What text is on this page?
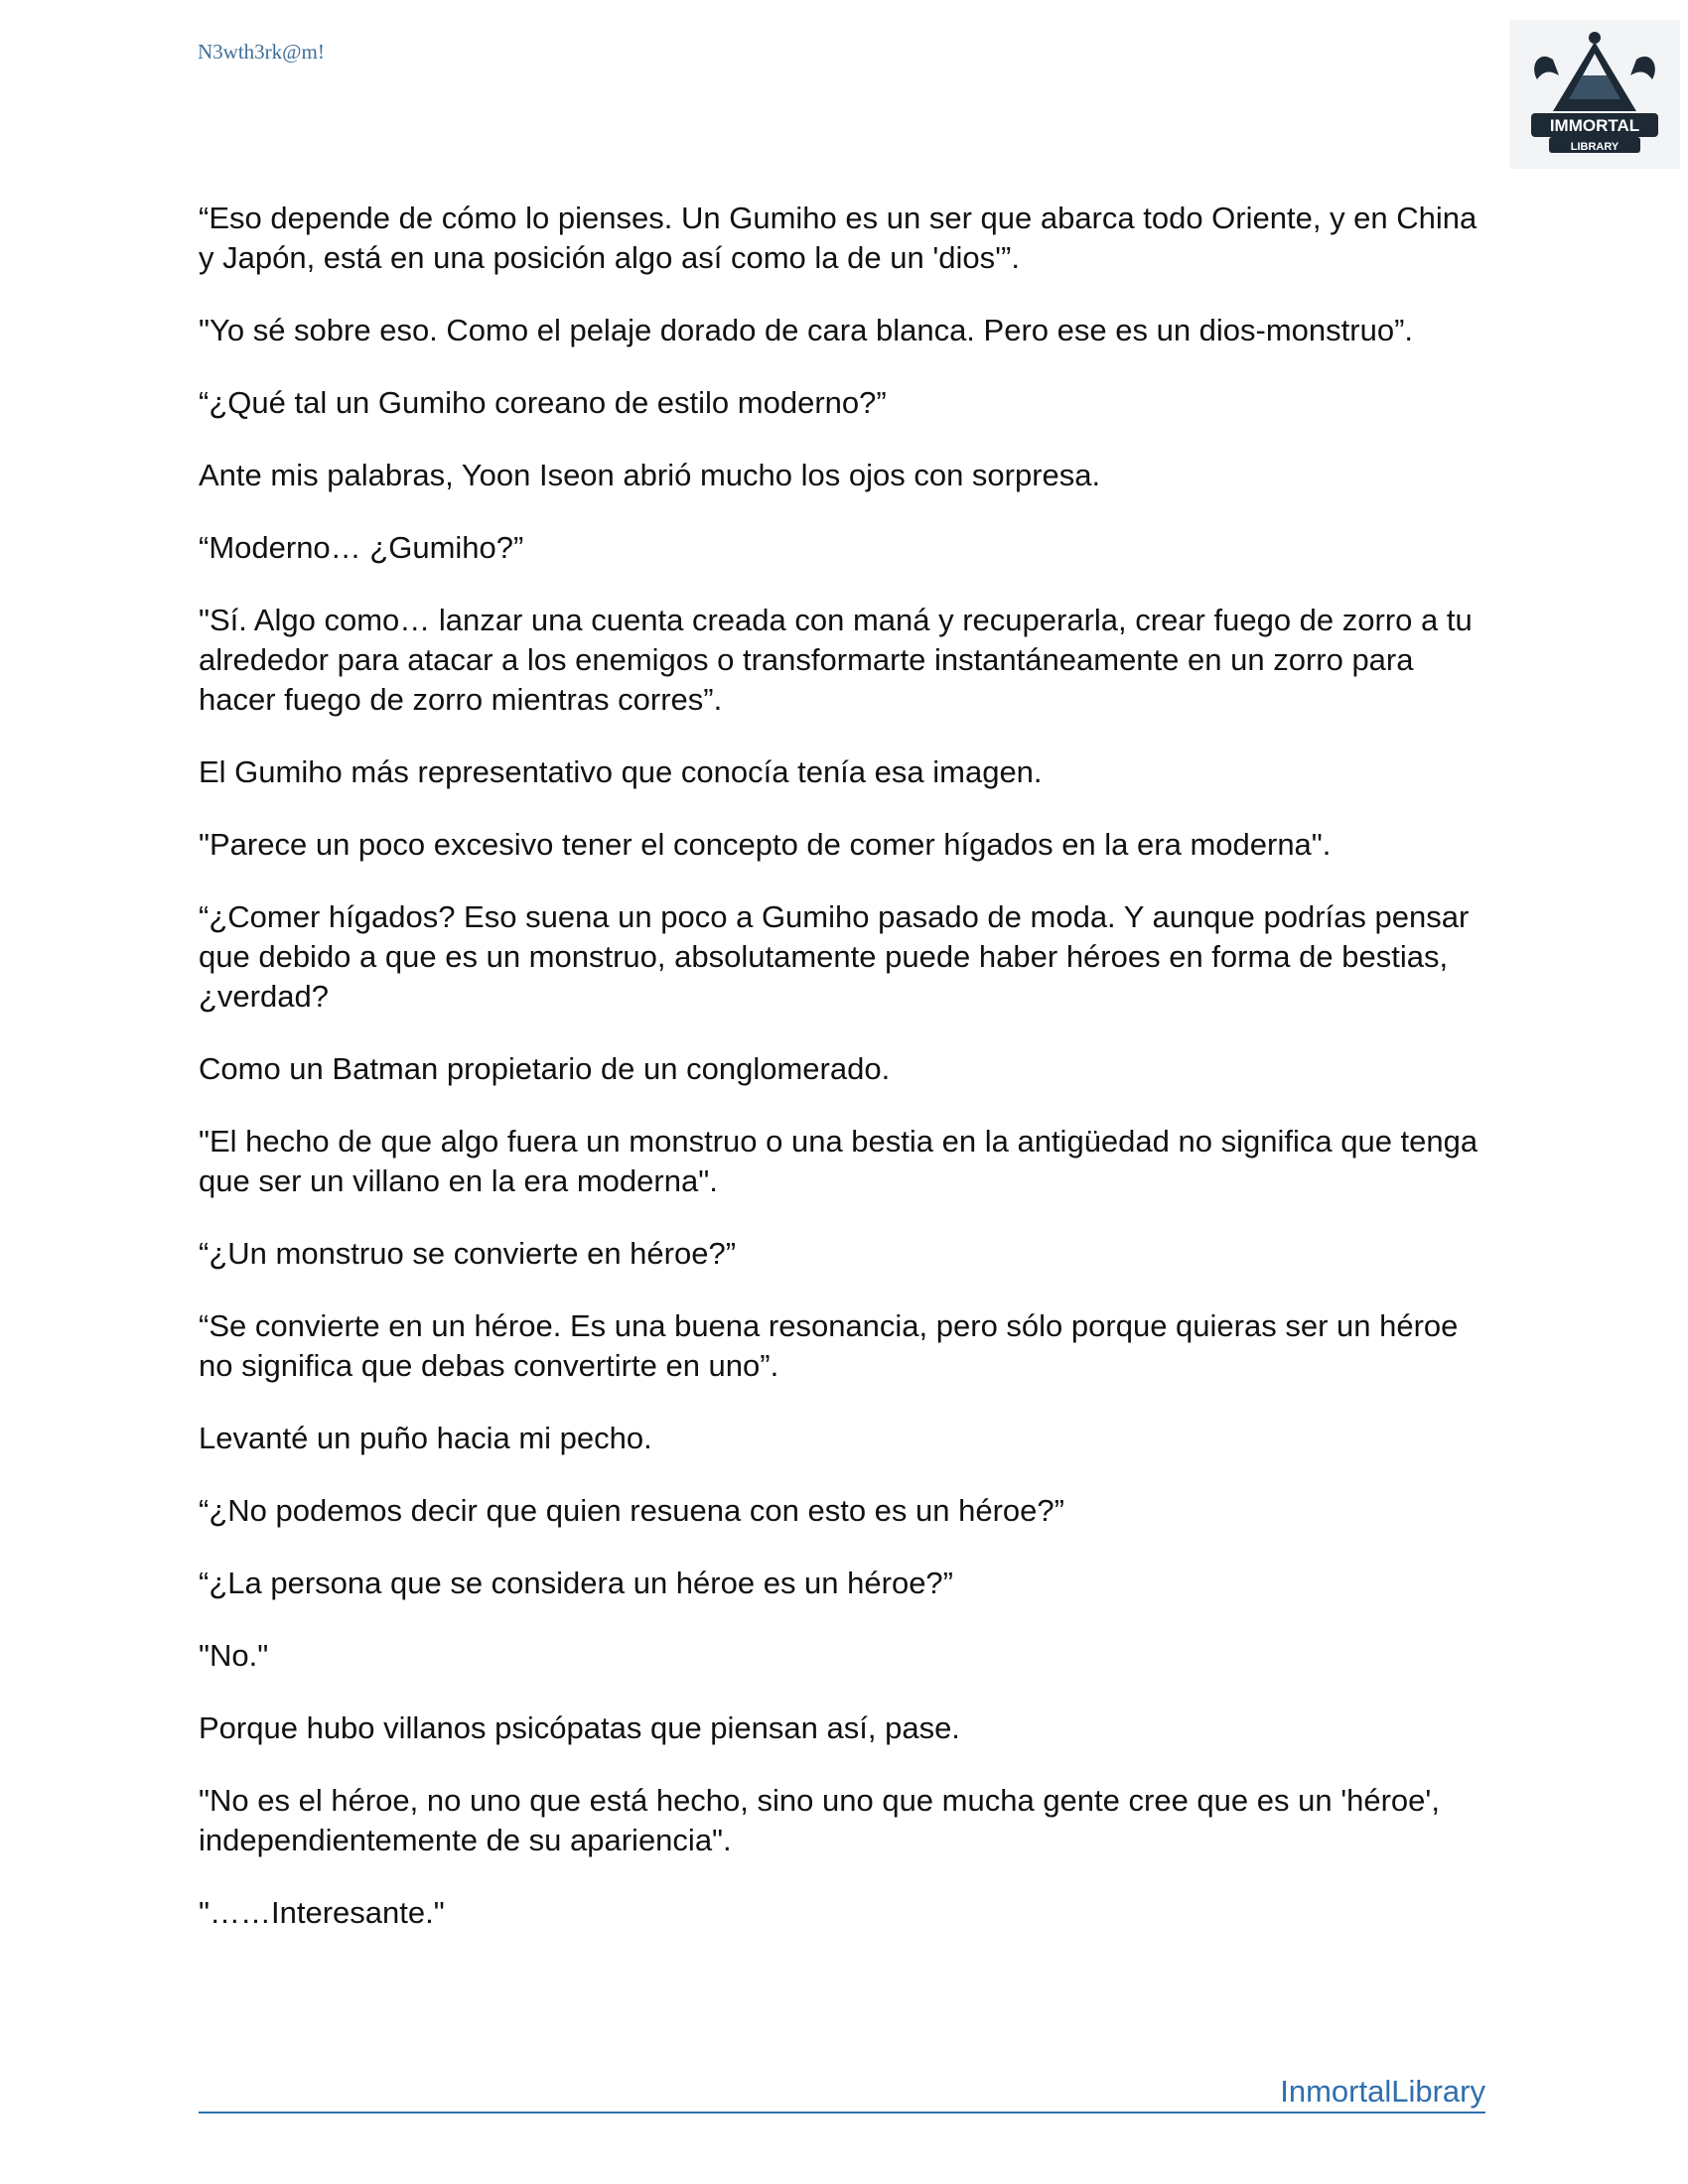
N3wth3rk@m!
IMMORTAL
LIBRARY

“Eso depende de cómo lo pienses. Un Gumiho es un ser que abarca todo Oriente, y en China y Japón, está en una posición algo así como la de un 'dios'”.

"Yo sé sobre eso. Como el pelaje dorado de cara blanca. Pero ese es un dios-monstruo”.

“¿Qué tal un Gumiho coreano de estilo moderno?”

Ante mis palabras, Yoon Iseon abrió mucho los ojos con sorpresa.

“Moderno… ¿Gumiho?”

"Sí. Algo como… lanzar una cuenta creada con maná y recuperarla, crear fuego de zorro a tu alrededor para atacar a los enemigos o transformarte instantáneamente en un zorro para hacer fuego de zorro mientras corres”.

El Gumiho más representativo que conocía tenía esa imagen.

"Parece un poco excesivo tener el concepto de comer hígados en la era moderna".

“¿Comer hígados? Eso suena un poco a Gumiho pasado de moda. Y aunque podrías pensar que debido a que es un monstruo, absolutamente puede haber héroes en forma de bestias, ¿verdad?

Como un Batman propietario de un conglomerado.

"El hecho de que algo fuera un monstruo o una bestia en la antigüedad no significa que tenga que ser un villano en la era moderna".

“¿Un monstruo se convierte en héroe?”

“Se convierte en un héroe. Es una buena resonancia, pero sólo porque quieras ser un héroe no significa que debas convertirte en uno”.

Levanté un puño hacia mi pecho.

“¿No podemos decir que quien resuena con esto es un héroe?”

“¿La persona que se considera un héroe es un héroe?”

"No."

Porque hubo villanos psicópatas que piensan así, pase.

"No es el héroe, no uno que está hecho, sino uno que mucha gente cree que es un 'héroe', independientemente de su apariencia".

"……Interesante."

InmortalLibrary
